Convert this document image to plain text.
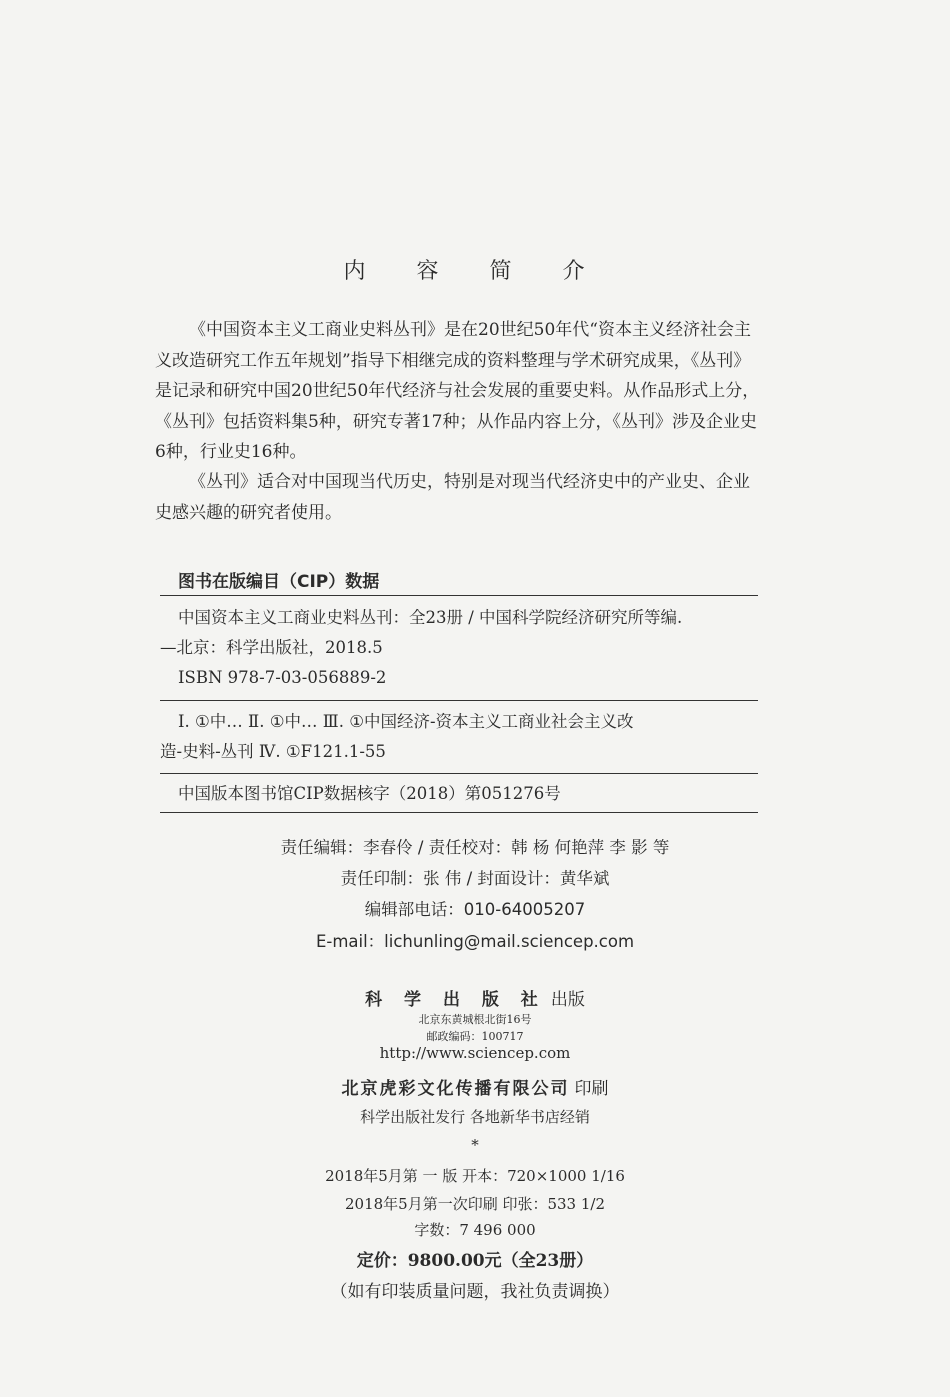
内 容 简 介

《中国资本主义工商业史料丛刊》是在20世纪50年代“资本主义经济社会主义改造研究工作五年规划”指导下相继完成的资料整理与学术研究成果，《丛刊》是记录和研究中国20世纪50年代经济与社会发展的重要史料。从作品形式上分，《丛刊》包括资料集5种，研究专著17种；从作品内容上分，《丛刊》涉及企业史6种，行业史16种。

《丛刊》适合对中国现当代历史，特别是对现当代经济史中的产业史、企业史感兴趣的研究者使用。

图书在版编目（CIP）数据
中国资本主义工商业史料丛刊：全23册 / 中国科学院经济研究所等编.
—北京：科学出版社，2018.5
ISBN 978-7-03-056889-2
Ⅰ. ①中… Ⅱ. ①中… Ⅲ. ①中国经济-资本主义工商业社会主义改
造-史料-丛刊 Ⅳ. ①F121.1-55
中国版本图书馆CIP数据核字（2018）第051276号
责任编辑：李春伶 / 责任校对：韩 杨 何艳萍 李 影 等
责任印制：张 伟 / 封面设计：黄华斌
编辑部电话：010-64005207
E-mail：lichunling@mail.sciencep.com
科 学 出 版 社 出版
北京东黄城根北街16号
邮政编码：100717
http://www.sciencep.com
北京虎彩文化传播有限公司 印刷
科学出版社发行 各地新华书店经销
*
2018年5月第 一 版 开本：720×1000 1/16
2018年5月第一次印刷 印张：533 1/2
字数：7 496 000
定价：9800.00元（全23册）
（如有印装质量问题，我社负责调换）
